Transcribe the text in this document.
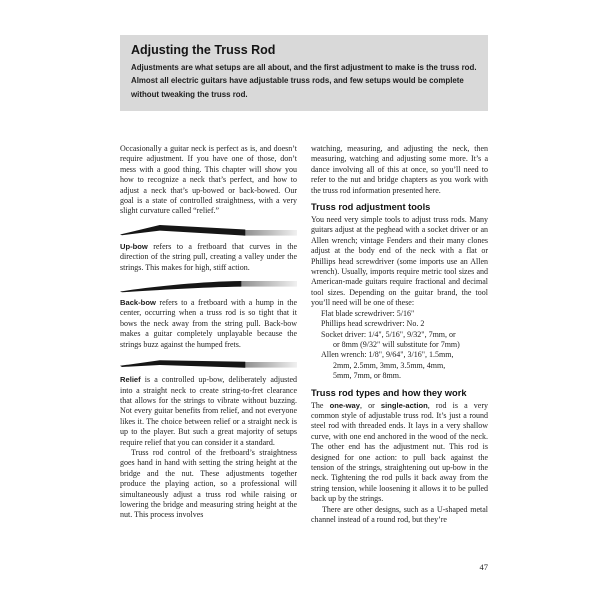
Adjusting the Truss Rod

Adjustments are what setups are all about, and the first adjustment to make is the truss rod. Almost all electric guitars have adjustable truss rods, and few setups would be complete without tweaking the truss rod.

Occasionally a guitar neck is perfect as is, and doesn’t require adjustment. If you have one of those, don’t mess with a good thing. This chapter will show you how to recognize a neck that’s perfect, and how to adjust a neck that’s up-bowed or back-bowed. Our goal is a state of controlled straightness, with a very slight curvature called “relief.”

Up-bow refers to a fretboard that curves in the direction of the string pull, creating a valley under the strings. This makes for high, stiff action.

Back-bow refers to a fretboard with a hump in the center, occurring when a truss rod is so tight that it bows the neck away from the string pull. Back-bow makes a guitar completely unplayable because the strings buzz against the humped frets.

Relief is a controlled up-bow, deliberately adjusted into a straight neck to create string-to-fret clearance that allows for the strings to vibrate without buzzing. Not every guitar benefits from relief, and not everyone likes it. The choice between relief or a straight neck is up to the player. But such a great majority of setups require relief that you can consider it a standard.

Truss rod control of the fretboard’s straightness goes hand in hand with setting the string height at the bridge and the nut. These adjustments together produce the playing action, so a professional will simultaneously adjust a truss rod while raising or lowering the bridge and measuring string height at the nut. This process involves

watching, measuring, and adjusting the neck, then measuring, watching and adjusting some more. It’s a dance involving all of this at once, so you’ll need to refer to the nut and bridge chapters as you work with the truss rod information presented here.

Truss rod adjustment tools

You need very simple tools to adjust truss rods. Many guitars adjust at the peghead with a socket driver or an Allen wrench; vintage Fenders and their many clones adjust at the body end of the neck with a flat or Phillips head screwdriver (some imports use an Allen wrench). Usually, imports require metric tool sizes and American-made guitars require fractional and decimal tool sizes. Depending on the guitar brand, the tool you’ll need will be one of these:

Flat blade screwdriver: 5/16"
Phillips head screwdriver: No. 2
Socket driver: 1/4", 5/16", 9/32", 7mm, or
or 8mm (9/32" will substitute for 7mm)
Allen wrench: 1/8", 9/64", 3/16", 1.5mm,
2mm, 2.5mm, 3mm, 3.5mm, 4mm,
5mm, 7mm, or 8mm.

Truss rod types and how they work

The one-way, or single-action, rod is a very common style of adjustable truss rod. It’s just a round steel rod with threaded ends. It lays in a very shallow curve, with one end anchored in the wood of the neck. The other end has the adjustment nut. This rod is designed for one action: to pull back against the tension of the strings, straightening out up-bow in the neck. Tightening the rod pulls it back away from the string tension, while loosening it allows it to be pulled back up by the strings.

There are other designs, such as a U-shaped metal channel instead of a round rod, but they’re

47
